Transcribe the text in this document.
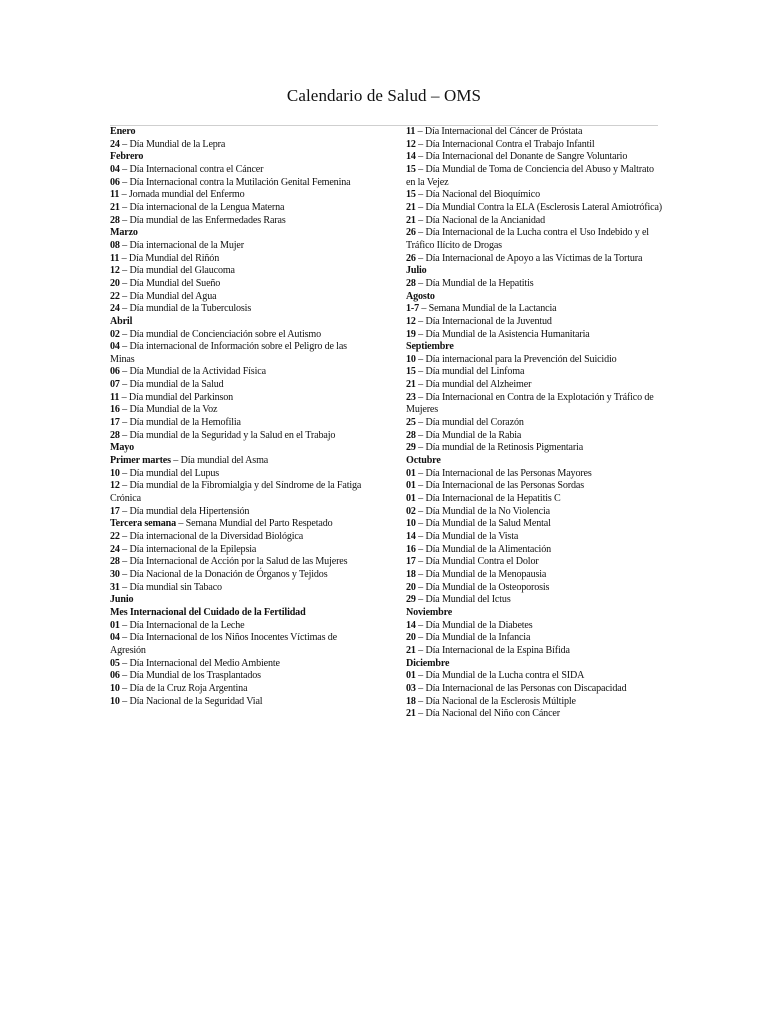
Calendario de Salud – OMS
Enero
24 – Día Mundial de la Lepra
Febrero
04 – Día Internacional contra el Cáncer
06 – Día Internacional contra la Mutilación Genital Femenina
11 – Jornada mundial del Enfermo
21 – Día internacional de la Lengua Materna
28 – Día mundial de las Enfermedades Raras
Marzo
08 – Día internacional de la Mujer
11 – Día Mundial del Riñón
12 – Día mundial del Glaucoma
20 – Día Mundial del Sueño
22 – Día Mundial del Agua
24 – Día mundial de la Tuberculosis
Abril
02 – Día mundial de Concienciación sobre el Autismo
04 – Día internacional de Información sobre el Peligro de las Minas
06 – Día Mundial de la Actividad Física
07 – Día mundial de la Salud
11 – Día mundial del Parkinson
16 – Día Mundial de la Voz
17 – Día mundial de la Hemofilia
28 – Día mundial de la Seguridad y la Salud en el Trabajo
Mayo
Primer martes – Día mundial del Asma
10 – Día mundial del Lupus
12 – Día mundial de la Fibromialgia y del Síndrome de la Fatiga Crónica
17 – Día mundial dela Hipertensión
Tercera semana – Semana Mundial del Parto Respetado
22 – Día internacional de la Diversidad Biológica
24 – Día internacional de la Epilepsia
28 – Día Internacional de Acción por la Salud de las Mujeres
30 – Día Nacional de la Donación de Órganos y Tejidos
31 – Día mundial sin Tabaco
Junio
Mes Internacional del Cuidado de la Fertilidad
01 – Día Internacional de la Leche
04 – Día Internacional de los Niños Inocentes Víctimas de Agresión
05 – Día Internacional del Medio Ambiente
06 – Día Mundial de los Trasplantados
10 – Día de la Cruz Roja Argentina
10 – Día Nacional de la Seguridad Vial
11 – Día Internacional del Cáncer de Próstata
12 – Día Internacional Contra el Trabajo Infantil
14 – Día Internacional del Donante de Sangre Voluntario
15 – Día Mundial de Toma de Conciencia del Abuso y Maltrato en la Vejez
15 – Día Nacional del Bioquímico
21 – Día Mundial Contra la ELA (Esclerosis Lateral Amiotrófica)
21 – Día Nacional de la Ancianidad
26 – Día Internacional de la Lucha contra el Uso Indebido y el Tráfico Ilícito de Drogas
26 – Día Internacional de Apoyo a las Víctimas de la Tortura
Julio
28 – Día Mundial de la Hepatitis
Agosto
1-7 – Semana Mundial de la Lactancia
12 – Día Internacional de la Juventud
19 – Día Mundial de la Asistencia Humanitaria
Septiembre
10 – Día internacional para la Prevención del Suicidio
15 – Día mundial del Linfoma
21 – Día mundial del Alzheimer
23 – Día Internacional en Contra de la Explotación y Tráfico de Mujeres
25 – Día mundial del Corazón
28 – Día Mundial de la Rabia
29 – Día mundial de la Retinosis Pigmentaria
Octubre
01 – Día Internacional de las Personas Mayores
01 – Día Internacional de las Personas Sordas
01 – Día Internacional de la Hepatitis C
02 – Día Mundial de la No Violencia
10 – Día Mundial de la Salud Mental
14 – Día Mundial de la Vista
16 – Día Mundial de la Alimentación
17 – Día Mundial Contra el Dolor
18 – Día Mundial de la Menopausia
20 – Día Mundial de la Osteoporosis
29 – Día Mundial del Ictus
Noviembre
14 – Día Mundial de la Diabetes
20 – Día Mundial de la Infancia
21 – Día Internacional de la Espina Bífida
Diciembre
01 – Día Mundial de la Lucha contra el SIDA
03 – Día Internacional de las Personas con Discapacidad
18 – Día Nacional de la Esclerosis Múltiple
21 – Día Nacional del Niño con Cáncer
